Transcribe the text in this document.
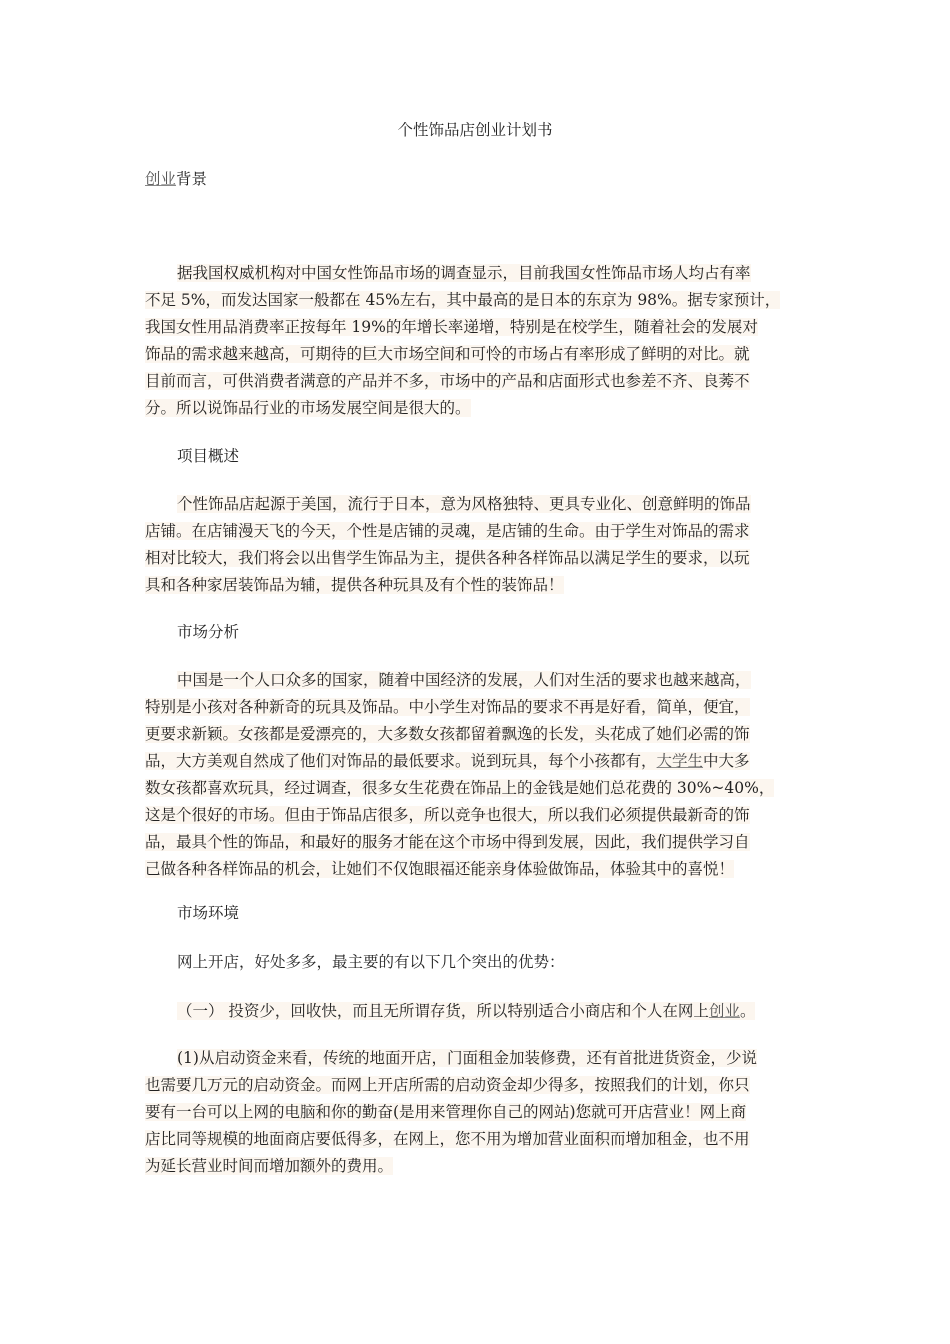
个性饰品店创业计划书
创业背景
据我国权威机构对中国女性饰品市场的调查显示，目前我国女性饰品市场人均占有率
不足 5%，而发达国家一般都在 45%左右，其中最高的是日本的东京为 98%。据专家预计，
我国女性用品消费率正按每年 19%的年增长率递增，特别是在校学生，随着社会的发展对
饰品的需求越来越高，可期待的巨大市场空间和可怜的市场占有率形成了鲜明的对比。就
目前而言，可供消费者满意的产品并不多，市场中的产品和店面形式也参差不齐、良莠不
分。所以说饰品行业的市场发展空间是很大的。
项目概述
个性饰品店起源于美国，流行于日本，意为风格独特、更具专业化、创意鲜明的饰品
店铺。在店铺漫天飞的今天，个性是店铺的灵魂，是店铺的生命。由于学生对饰品的需求
相对比较大，我们将会以出售学生饰品为主，提供各种各样饰品以满足学生的要求，以玩
具和各种家居装饰品为辅，提供各种玩具及有个性的装饰品！
市场分析
中国是一个人口众多的国家，随着中国经济的发展，人们对生活的要求也越来越高，
特别是小孩对各种新奇的玩具及饰品。中小学生对饰品的要求不再是好看，简单，便宜，
更要求新颖。女孩都是爱漂亮的，大多数女孩都留着飘逸的长发，头花成了她们必需的饰
品，大方美观自然成了他们对饰品的最低要求。说到玩具，每个小孩都有，大学生中大多
数女孩都喜欢玩具，经过调查，很多女生花费在饰品上的金钱是她们总花费的 30%~40%，
这是个很好的市场。但由于饰品店很多，所以竞争也很大，所以我们必须提供最新奇的饰
品，最具个性的饰品，和最好的服务才能在这个市场中得到发展，因此，我们提供学习自
己做各种各样饰品的机会，让她们不仅饱眼福还能亲身体验做饰品，体验其中的喜悦！
市场环境
网上开店，好处多多，最主要的有以下几个突出的优势：
（一） 投资少，回收快，而且无所谓存货，所以特别适合小商店和个人在网上创业。
(1)从启动资金来看，传统的地面开店，门面租金加装修费，还有首批进货资金，少说
也需要几万元的启动资金。而网上开店所需的启动资金却少得多，按照我们的计划，你只
要有一台可以上网的电脑和你的勤奋(是用来管理你自己的网站)您就可开店营业！网上商
店比同等规模的地面商店要低得多，在网上，您不用为增加营业面积而增加租金，也不用
为延长营业时间而增加额外的费用。
